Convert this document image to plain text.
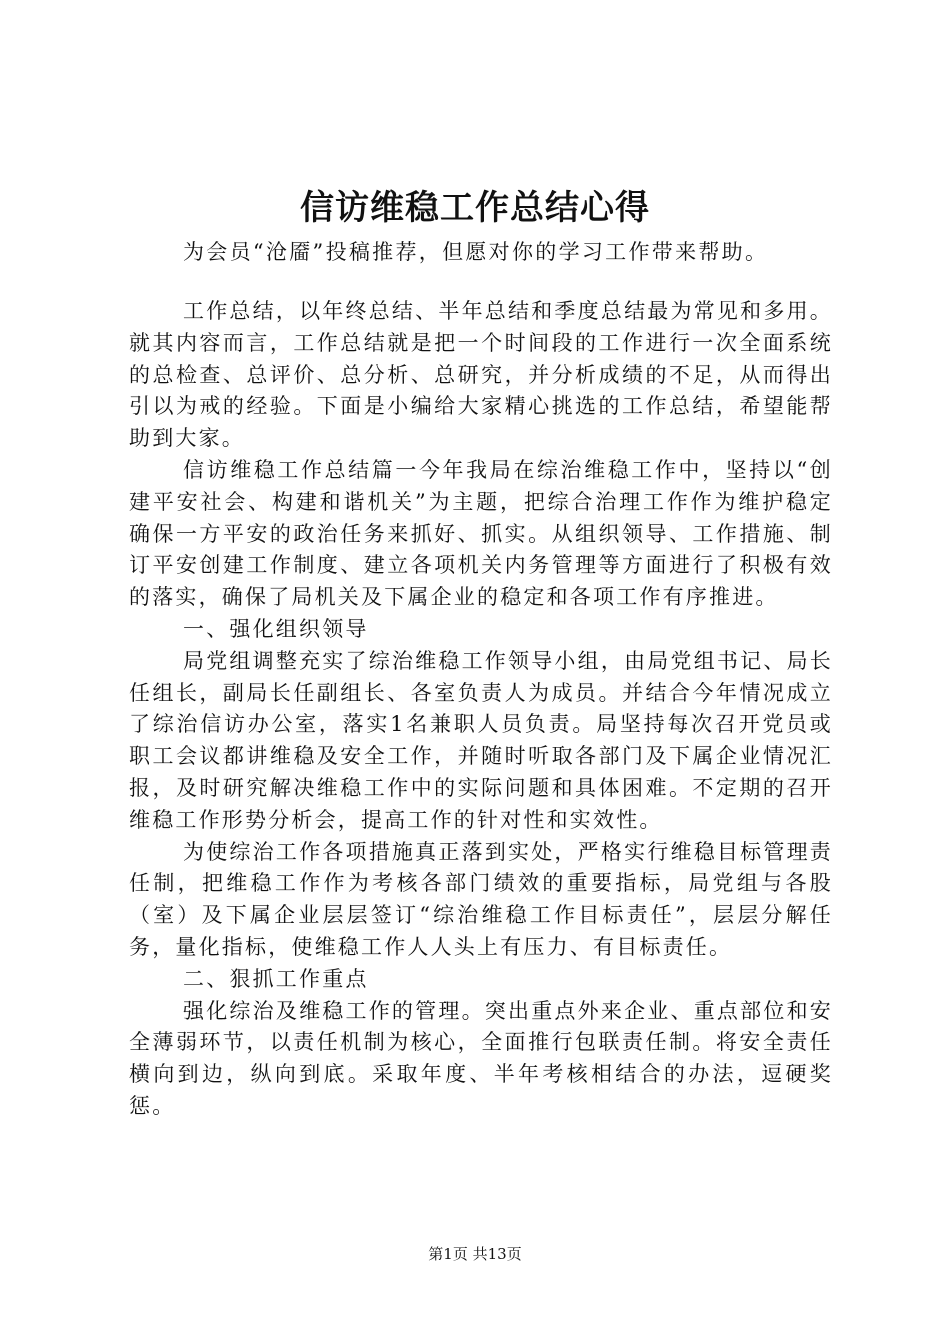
信访维稳工作总结心得
为会员“沧靥”投稿推荐，但愿对你的学习工作带来帮助。

工作总结，以年终总结、半年总结和季度总结最为常见和多用。就其内容而言，工作总结就是把一个时间段的工作进行一次全面系统的总检查、总评价、总分析、总研究，并分析成绩的不足，从而得出引以为戒的经验。下面是小编给大家精心挑选的工作总结，希望能帮助到大家。

信访维稳工作总结篇一今年我局在综治维稳工作中，坚持以“创建平安社会、构建和谐机关”为主题，把综合治理工作作为维护稳定确保一方平安的政治任务来抓好、抓实。从组织领导、工作措施、制订平安创建工作制度、建立各项机关内务管理等方面进行了积极有效的落实，确保了局机关及下属企业的稳定和各项工作有序推进。

一、强化组织领导

局党组调整充实了综治维稳工作领导小组，由局党组书记、局长任组长，副局长任副组长、各室负责人为成员。并结合今年情况成立了综治信访办公室，落实1名兼职人员负责。局坚持每次召开党员或职工会议都讲维稳及安全工作，并随时听取各部门及下属企业情况汇报，及时研究解决维稳工作中的实际问题和具体困难。不定期的召开维稳工作形势分析会，提高工作的针对性和实效性。

为使综治工作各项措施真正落到实处，严格实行维稳目标管理责任制，把维稳工作作为考核各部门绩效的重要指标，局党组与各股（室）及下属企业层层签订“综治维稳工作目标责任”，层层分解任务，量化指标，使维稳工作人人头上有压力、有目标责任。

二、狠抓工作重点

强化综治及维稳工作的管理。突出重点外来企业、重点部位和安全薄弱环节，以责任机制为核心，全面推行包联责任制。将安全责任横向到边，纵向到底。采取年度、半年考核相结合的办法，逗硬奖惩。

第1页 共13页
